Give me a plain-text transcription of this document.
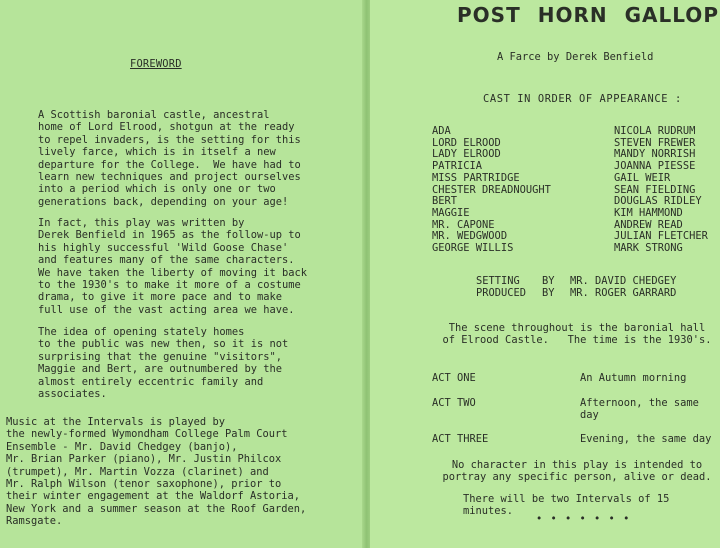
FOREWORD
A Scottish baronial castle, ancestral
home of Lord Elrood, shotgun at the ready
to repel invaders, is the setting for this
lively farce, which is in itself a new
departure for the College.  We have had to
learn new techniques and project ourselves
into a period which is only one or two
generations back, depending on your age!
In fact, this play was written by
Derek Benfield in 1965 as the follow-up to
his highly successful 'Wild Goose Chase'
and features many of the same characters.
We have taken the liberty of moving it back
to the 1930's to make it more of a costume
drama, to give it more pace and to make
full use of the vast acting area we have.
The idea of opening stately homes
to the public was new then, so it is not
surprising that the genuine "visitors",
Maggie and Bert, are outnumbered by the
almost entirely eccentric family and
associates.
Music at the Intervals is played by
the newly-formed Wymondham College Palm Court
Ensemble - Mr. David Chedgey (banjo),
Mr. Brian Parker (piano), Mr. Justin Philcox
(trumpet), Mr. Martin Vozza (clarinet) and
Mr. Ralph Wilson (tenor saxophone), prior to
their winter engagement at the Waldorf Astoria,
New York and a summer season at the Roof Garden,
Ramsgate.
POST HORN GALLOP
A Farce by Derek Benfield
CAST IN ORDER OF APPEARANCE :
ADA	NICOLA RUDRUM
LORD ELROOD	STEVEN FREWER
LADY ELROOD	MANDY NORRISH
PATRICIA	JOANNA PIESSE
MISS PARTRIDGE	GAIL WEIR
CHESTER DREADNOUGHT	SEAN FIELDING
BERT	DOUGLAS RIDLEY
MAGGIE	KIM HAMMOND
MR. CAPONE	ANDREW READ
MR. WEDGWOOD	JULIAN FLETCHER
GEORGE WILLIS	MARK STRONG
SETTING	BY	MR. DAVID CHEDGEY
PRODUCED	BY	MR. ROGER GARRARD
The scene throughout is the baronial hall
of Elrood Castle.   The time is the 1930's.
ACT ONE	An Autumn morning
ACT TWO	Afternoon, the same day
ACT THREE	Evening, the same day
No character in this play is intended to
portray any specific person, alive or dead.
There will be two Intervals of 15 minutes.
• • • • • • •
